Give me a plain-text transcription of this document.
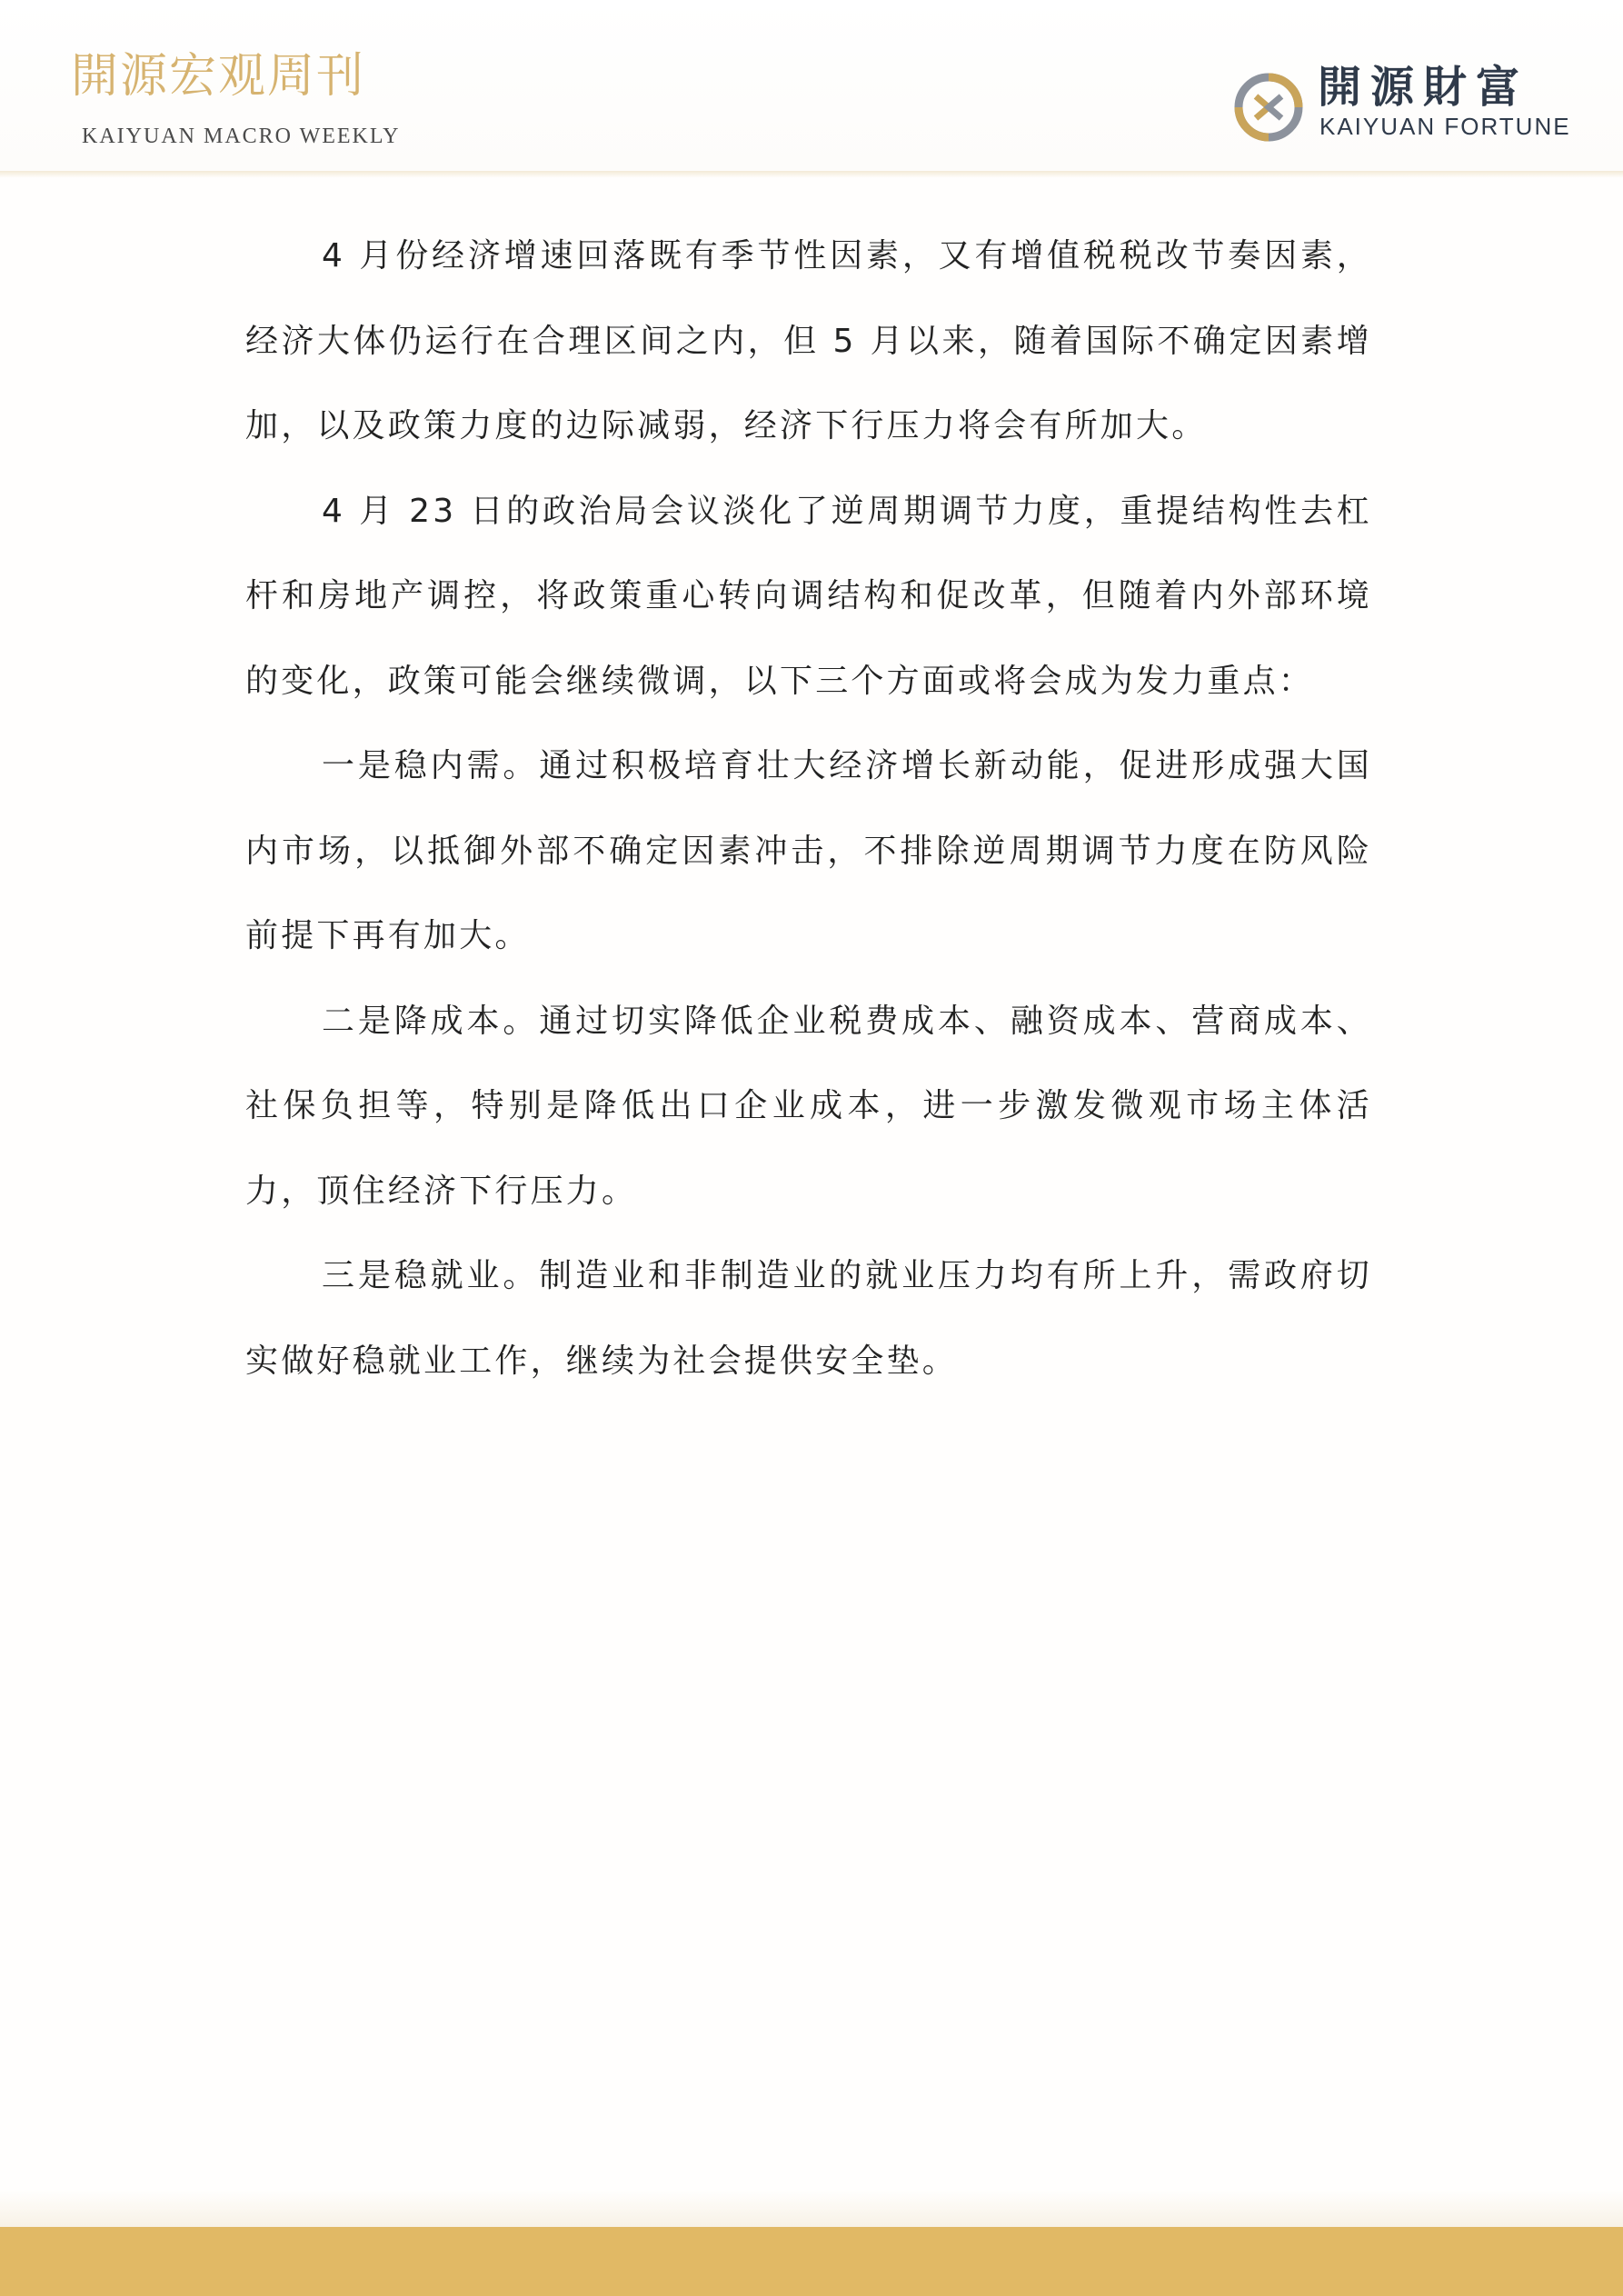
開源宏观周刊
KAIYUAN MACRO WEEKLY
開源財富
KAIYUAN FORTUNE

4 月份经济增速回落既有季节性因素，又有增值税税改节奏因素，经济大体仍运行在合理区间之内，但 5 月以来，随着国际不确定因素增加，以及政策力度的边际减弱，经济下行压力将会有所加大。

4 月 23 日的政治局会议淡化了逆周期调节力度，重提结构性去杠杆和房地产调控，将政策重心转向调结构和促改革，但随着内外部环境的变化，政策可能会继续微调，以下三个方面或将会成为发力重点：

一是稳内需。通过积极培育壮大经济增长新动能，促进形成强大国内市场，以抵御外部不确定因素冲击，不排除逆周期调节力度在防风险前提下再有加大。

二是降成本。通过切实降低企业税费成本、融资成本、营商成本、社保负担等，特别是降低出口企业成本，进一步激发微观市场主体活力，顶住经济下行压力。

三是稳就业。制造业和非制造业的就业压力均有所上升，需政府切实做好稳就业工作，继续为社会提供安全垫。
